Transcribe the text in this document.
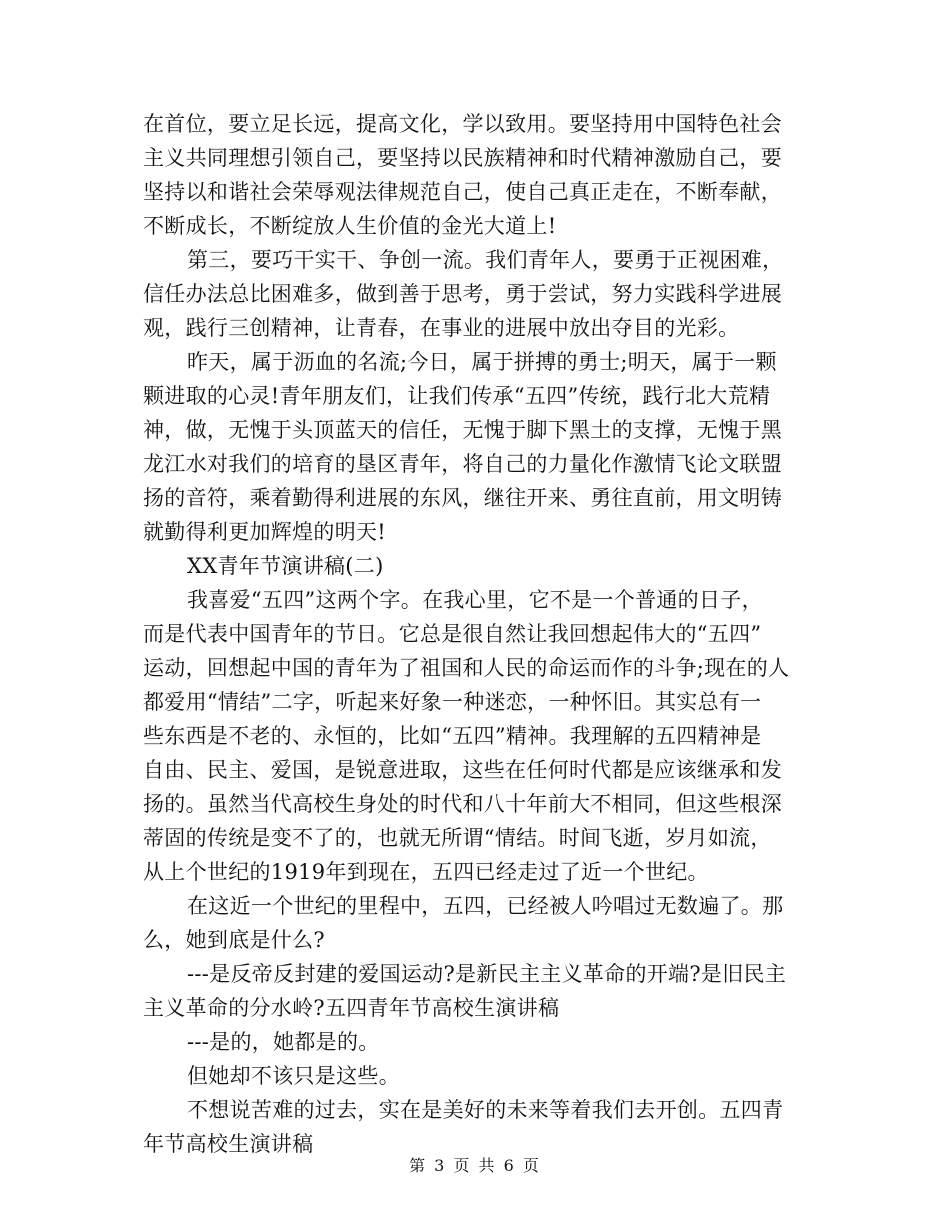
在首位，要立足长远，提高文化，学以致用。要坚持用中国特色社会
主义共同理想引领自己，要坚持以民族精神和时代精神激励自己，要
坚持以和谐社会荣辱观法律规范自己，使自己真正走在，不断奉献，
不断成长，不断绽放人生价值的金光大道上!
第三，要巧干实干、争创一流。我们青年人，要勇于正视困难，
信任办法总比困难多，做到善于思考，勇于尝试，努力实践科学进展
观，践行三创精神，让青春，在事业的进展中放出夺目的光彩。
昨天，属于沥血的名流;今日，属于拼搏的勇士;明天，属于一颗
颗进取的心灵!青年朋友们，让我们传承“五四”传统，践行北大荒精
神，做，无愧于头顶蓝天的信任，无愧于脚下黑土的支撑，无愧于黑
龙江水对我们的培育的垦区青年，将自己的力量化作激情飞论文联盟
扬的音符，乘着勤得利进展的东风，继往开来、勇往直前，用文明铸
就勤得利更加辉煌的明天!
XX青年节演讲稿(二)
我喜爱“五四”这两个字。在我心里，它不是一个普通的日子，
而是代表中国青年的节日。它总是很自然让我回想起伟大的“五四”
运动，回想起中国的青年为了祖国和人民的命运而作的斗争;现在的人
都爱用“情结”二字，听起来好象一种迷恋，一种怀旧。其实总有一
些东西是不老的、永恒的，比如“五四”精神。我理解的五四精神是
自由、民主、爱国，是锐意进取，这些在任何时代都是应该继承和发
扬的。虽然当代高校生身处的时代和八十年前大不相同，但这些根深
蒂固的传统是变不了的，也就无所谓“情结。时间飞逝，岁月如流，
从上个世纪的1919年到现在，五四已经走过了近一个世纪。
在这近一个世纪的里程中，五四，已经被人吟唱过无数遍了。那
么，她到底是什么?
---是反帝反封建的爱国运动?是新民主主义革命的开端?是旧民主
主义革命的分水岭?五四青年节高校生演讲稿
---是的，她都是的。
但她却不该只是这些。
不想说苦难的过去，实在是美好的未来等着我们去开创。五四青
年节高校生演讲稿
第 3 页 共 6 页
